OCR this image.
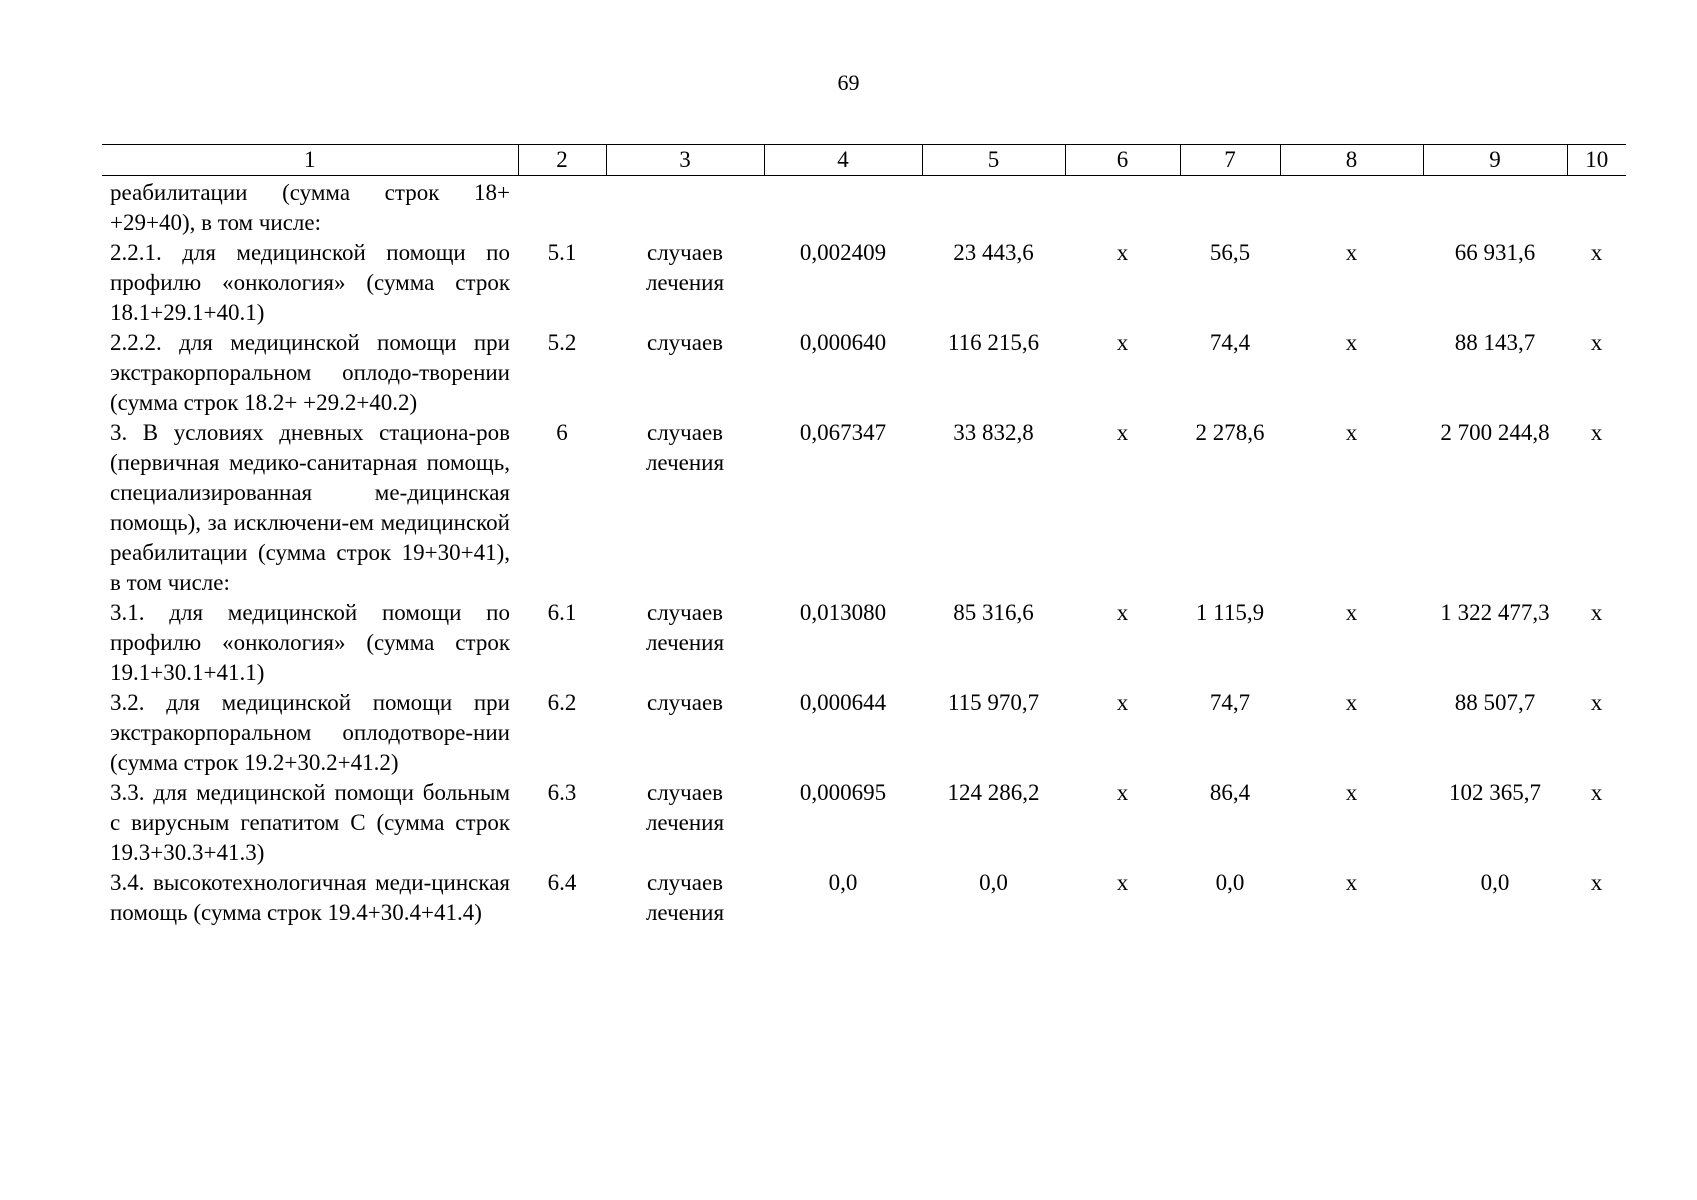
69
1	2	3	4	5	6	7	8	9	10
реабилитации (сумма строк 18+ +29+40), в том числе:									
2.2.1. для медицинской помощи по профилю «онкология» (сумма строк 18.1+29.1+40.1)	5.1	случаев лечения	0,002409	23 443,6	х	56,5	х	66 931,6	х
2.2.2. для медицинской помощи при экстракорпоральном оплодо-творении (сумма строк 18.2+ +29.2+40.2)	5.2	случаев	0,000640	116 215,6	х	74,4	х	88 143,7	х
3. В условиях дневных стациона-ров (первичная медико-санитарная помощь, специализированная ме-дицинская помощь), за исключени-ем медицинской реабилитации (сумма строк 19+30+41), в том числе:	6	случаев лечения	0,067347	33 832,8	х	2 278,6	х	2 700 244,8	х
3.1. для медицинской помощи по профилю «онкология» (сумма строк 19.1+30.1+41.1)	6.1	случаев лечения	0,013080	85 316,6	х	1 115,9	х	1 322 477,3	х
3.2. для медицинской помощи при экстракорпоральном оплодотворе-нии (сумма строк 19.2+30.2+41.2)	6.2	случаев	0,000644	115 970,7	х	74,7	х	88 507,7	х
3.3. для медицинской помощи больным с вирусным гепатитом С (сумма строк 19.3+30.3+41.3)	6.3	случаев лечения	0,000695	124 286,2	х	86,4	х	102 365,7	х
3.4. высокотехнологичная меди-цинская помощь (сумма строк 19.4+30.4+41.4)	6.4	случаев лечения	0,0	0,0	х	0,0	х	0,0	х
